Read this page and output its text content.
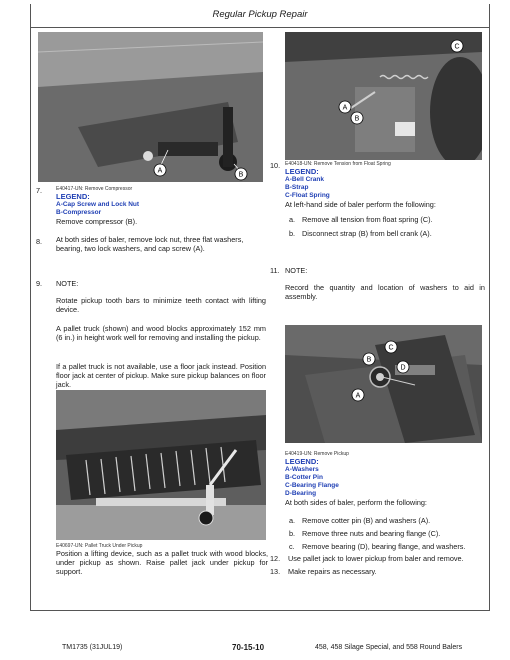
Regular Pickup Repair
A
B
7.	E40417-UN: Remove Compressor
LEGEND:
A-Cap Screw and Lock Nut
B-Compressor
Remove compressor (B).
8. At both sides of baler, remove lock nut, three flat washers, bearing, two lock washers, and cap screw (A).
9. NOTE:
Rotate pickup tooth bars to minimize teeth contact with lifting device.
A pallet truck (shown) and wood blocks approximately 152 mm (6 in.) in height work well for removing and installing the pickup.
If a pallet truck is not available, use a floor jack instead. Position floor jack at center of pickup. Make sure pickup balances on floor jack.
E40697-UN: Pallet Truck Under Pickup
Position a lifting device, such as a pallet truck with wood blocks, under pickup as shown. Raise pallet jack under pickup for support.
C
A
B
10. E40418-UN: Remove Tension from Float Spring
LEGEND:
A-Bell Crank
B-Strap
C-Float Spring
At left-hand side of baler perform the following:
a. Remove all tension from float spring (C).
b. Disconnect strap (B) from bell crank (A).
11. NOTE:
Record the quantity and location of washers to aid in assembly.
C
B
D
A
E40419-UN: Remove Pickup
LEGEND:
A-Washers
B-Cotter Pin
C-Bearing Flange
D-Bearing
At both sides of baler, perform the following:
a. Remove cotter pin (B) and washers (A).
b. Remove three nuts and bearing flange (C).
c. Remove bearing (D), bearing flange, and washers.
12. Use pallet jack to lower pickup from baler and remove.
13. Make repairs as necessary.
TM1735 (31JUL19)	70-15-10	458, 458 Silage Special, and 558 Round Balers
